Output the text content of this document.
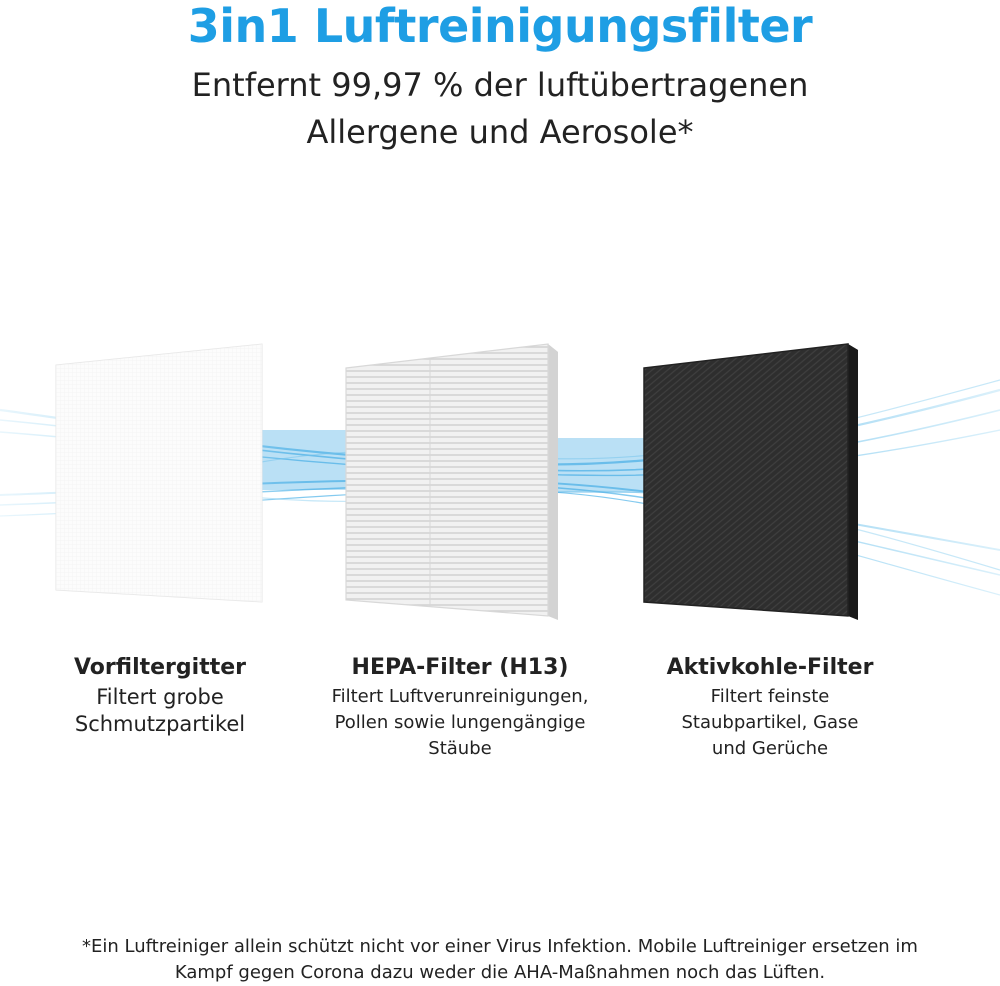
3in1 Luftreinigungsfilter
Entfernt 99,97 % der luftübertragenen
Allergene und Aerosole*
Vorfiltergitter
Filtert grobe
Schmutzpartikel
HEPA-Filter (H13)
Filtert Luftverunreinigungen,
Pollen sowie lungengängige
Stäube
Aktivkohle-Filter
Filtert feinste
Staubpartikel, Gase
und Gerüche
*Ein Luftreiniger allein schützt nicht vor einer Virus Infektion. Mobile Luftreiniger ersetzen im
Kampf gegen Corona dazu weder die AHA-Maßnahmen noch das Lüften.
